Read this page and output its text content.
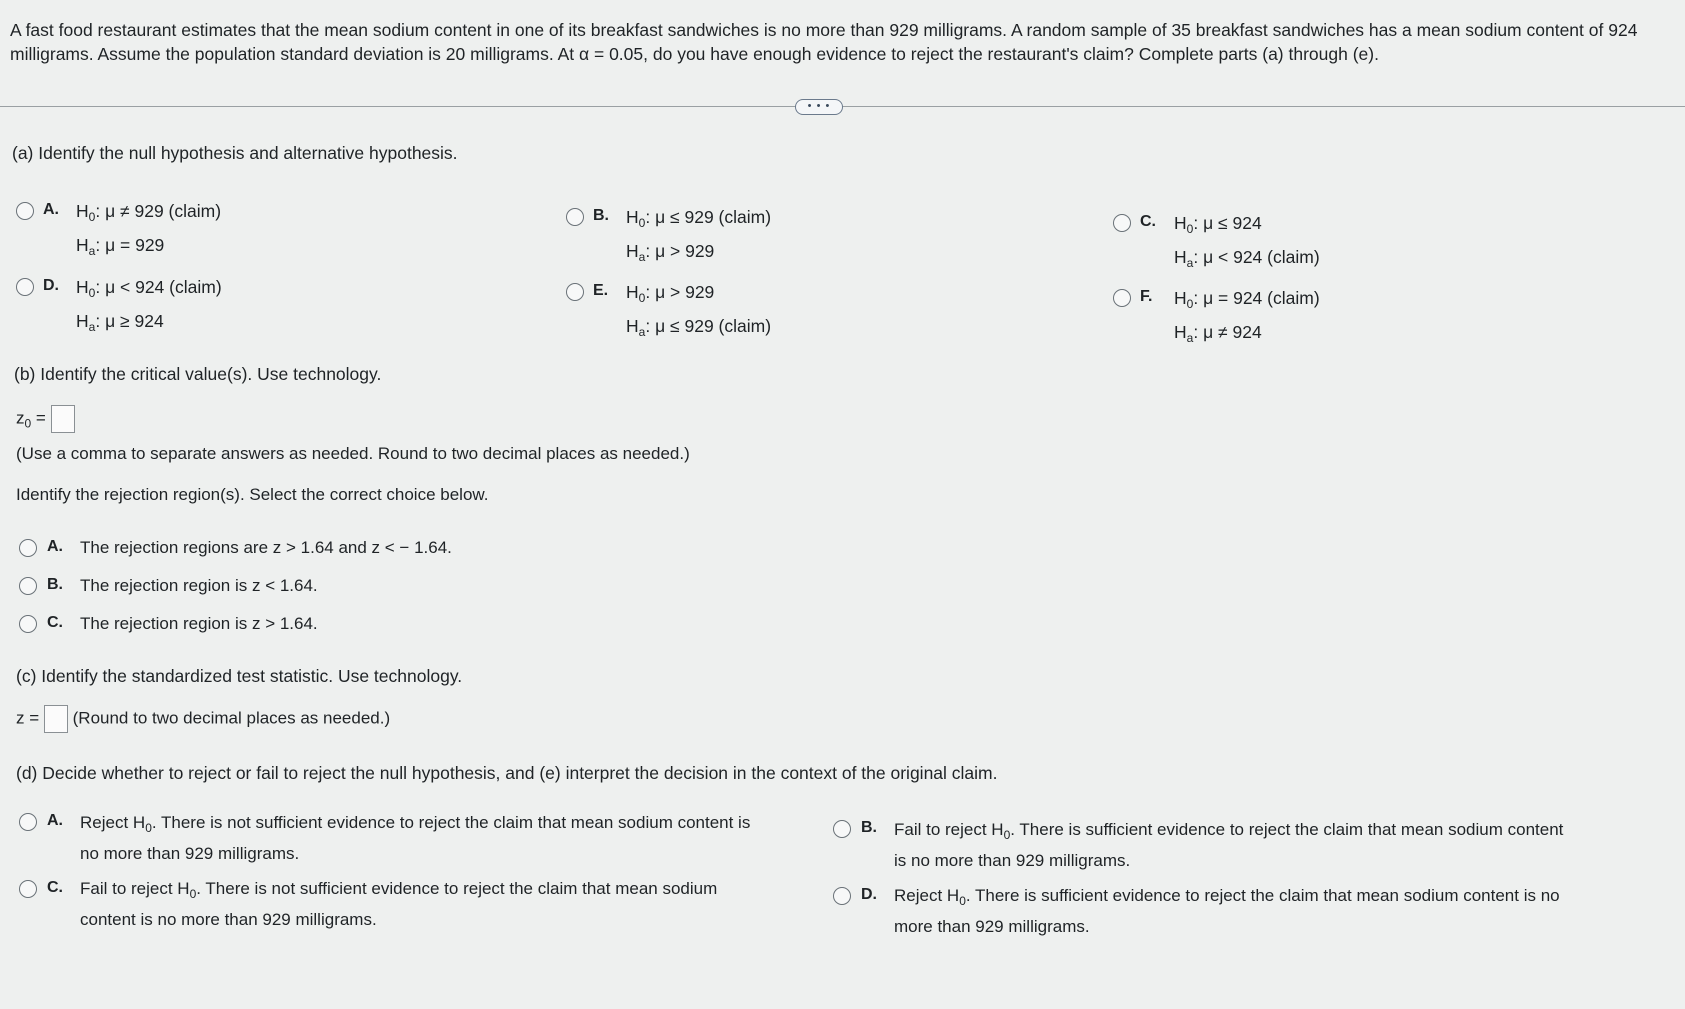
A fast food restaurant estimates that the mean sodium content in one of its breakfast sandwiches is no more than 929 milligrams. A random sample of 35 breakfast sandwiches has a mean sodium content of 924 milligrams. Assume the population standard deviation is 20 milligrams. At α = 0.05, do you have enough evidence to reject the restaurant's claim? Complete parts (a) through (e).
• • •
(a) Identify the null hypothesis and alternative hypothesis.
A. $H_0$: μ ≠ 929 (claim)
$H_a$: μ = 929
B. $H_0$: μ ≤ 929 (claim)
$H_a$: μ > 929
C. $H_0$: μ ≤ 924
$H_a$: μ < 924 (claim)
D. $H_0$: μ < 924 (claim)
$H_a$: μ ≥ 924
E. $H_0$: μ > 929
$H_a$: μ ≤ 929 (claim)
F. $H_0$: μ = 924 (claim)
$H_a$: μ ≠ 924
(b) Identify the critical value(s). Use technology.
$z_0$ =
(Use a comma to separate answers as needed. Round to two decimal places as needed.)
Identify the rejection region(s). Select the correct choice below.
A. The rejection regions are z > 1.64 and z < − 1.64.
B. The rejection region is z < 1.64.
C. The rejection region is z > 1.64.
(c) Identify the standardized test statistic. Use technology.
z = (Round to two decimal places as needed.)
(d) Decide whether to reject or fail to reject the null hypothesis, and (e) interpret the decision in the context of the original claim.
A. Reject $H_0$. There is not sufficient evidence to reject the claim that mean sodium content is
no more than 929 milligrams.
B. Fail to reject $H_0$. There is sufficient evidence to reject the claim that mean sodium content
is no more than 929 milligrams.
C. Fail to reject $H_0$. There is not sufficient evidence to reject the claim that mean sodium
content is no more than 929 milligrams.
D. Reject $H_0$. There is sufficient evidence to reject the claim that mean sodium content is no
more than 929 milligrams.
